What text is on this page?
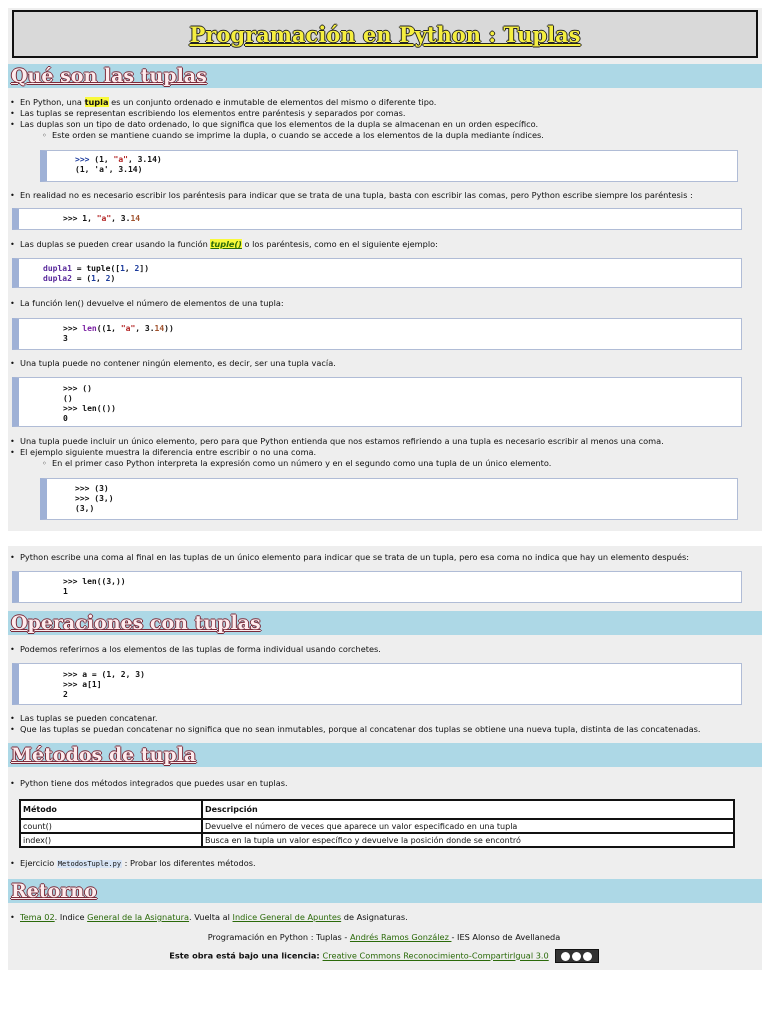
Programación en Python : Tuplas
Qué son las tuplas
• En Python, una tupla es un conjunto ordenado e inmutable de elementos del mismo o diferente tipo.
• Las tuplas se representan escribiendo los elementos entre paréntesis y separados por comas.
• Las duplas son un tipo de dato ordenado, lo que significa que los elementos de la dupla se almacenan en un orden específico.
◦ Este orden se mantiene cuando se imprime la dupla, o cuando se accede a los elementos de la dupla mediante índices.
>>> (1, "a", 3.14)
(1, 'a', 3.14)
• En realidad no es necesario escribir los paréntesis para indicar que se trata de una tupla, basta con escribir las comas, pero Python escribe siempre los paréntesis :
>>> 1, "a", 3.14
• Las duplas se pueden crear usando la función tuple() o los paréntesis, como en el siguiente ejemplo:
dupla1 = tuple([1, 2])
dupla2 = (1, 2)
• La función len() devuelve el número de elementos de una tupla:
>>> len((1, "a", 3.14))
3
• Una tupla puede no contener ningún elemento, es decir, ser una tupla vacía.
>>> ()
()
>>> len(())
0
• Una tupla puede incluir un único elemento, pero para que Python entienda que nos estamos refiriendo a una tupla es necesario escribir al menos una coma.
• El ejemplo siguiente muestra la diferencia entre escribir o no una coma.
◦ En el primer caso Python interpreta la expresión como un número y en el segundo como una tupla de un único elemento.
>>> (3)
>>> (3,)
(3,)
• Python escribe una coma al final en las tuplas de un único elemento para indicar que se trata de un tupla, pero esa coma no indica que hay un elemento después:
>>> len((3,))
1
Operaciones con tuplas
• Podemos referirnos a los elementos de las tuplas de forma individual usando corchetes.
>>> a = (1, 2, 3)
>>> a[1]
2
• Las tuplas se pueden concatenar.
• Que las tuplas se puedan concatenar no significa que no sean inmutables, porque al concatenar dos tuplas se obtiene una nueva tupla, distinta de las concatenadas.
Métodos de tupla
• Python tiene dos métodos integrados que puedes usar en tuplas.
Método	Descripción
count()	Devuelve el número de veces que aparece un valor especificado en una tupla
index()	Busca en la tupla un valor específico y devuelve la posición donde se encontró
• Ejercicio MetodosTuple.py : Probar los diferentes métodos.
Retorno
• Tema 02. Indice General de la Asignatura. Vuelta al Indice General de Apuntes de Asignaturas.
Programación en Python : Tuplas - Andrés Ramos González - IES Alonso de Avellaneda
Este obra está bajo una licencia: Creative Commons Reconocimiento-CompartirIgual 3.0
